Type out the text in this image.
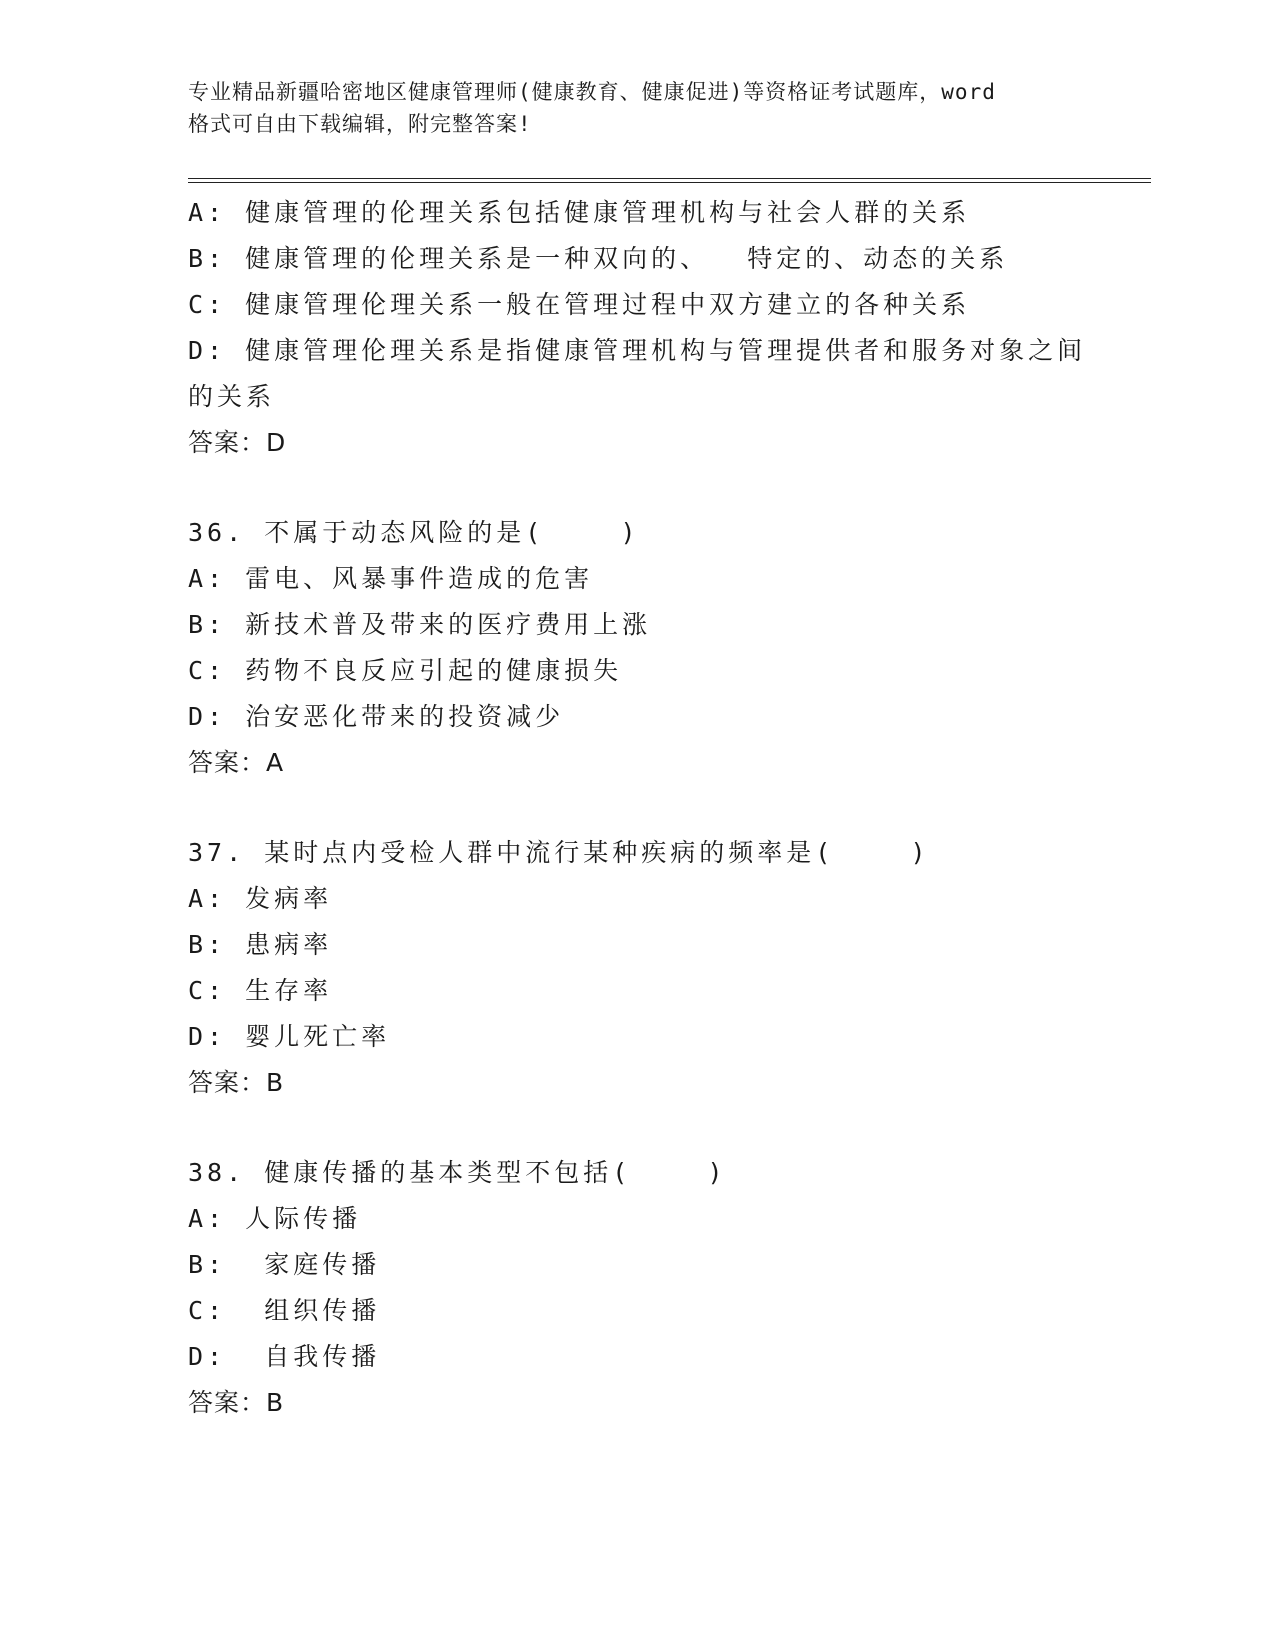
专业精品新疆哈密地区健康管理师(健康教育、健康促进)等资格证考试题库，word
格式可自由下载编辑，附完整答案!
A: 健康管理的伦理关系包括健康管理机构与社会人群的关系
B: 健康管理的伦理关系是一种双向的、  特定的、动态的关系
C: 健康管理伦理关系一般在管理过程中双方建立的各种关系
D: 健康管理伦理关系是指健康管理机构与管理提供者和服务对象之间
的关系
答案：D
36. 不属于动态风险的是(    )
A: 雷电、风暴事件造成的危害
B: 新技术普及带来的医疗费用上涨
C: 药物不良反应引起的健康损失
D: 治安恶化带来的投资减少
答案：A
37. 某时点内受检人群中流行某种疾病的频率是(    )
A: 发病率
B: 患病率
C: 生存率
D: 婴儿死亡率
答案：B
38. 健康传播的基本类型不包括(    )
A: 人际传播
B:  家庭传播
C:  组织传播
D:  自我传播
答案：B
